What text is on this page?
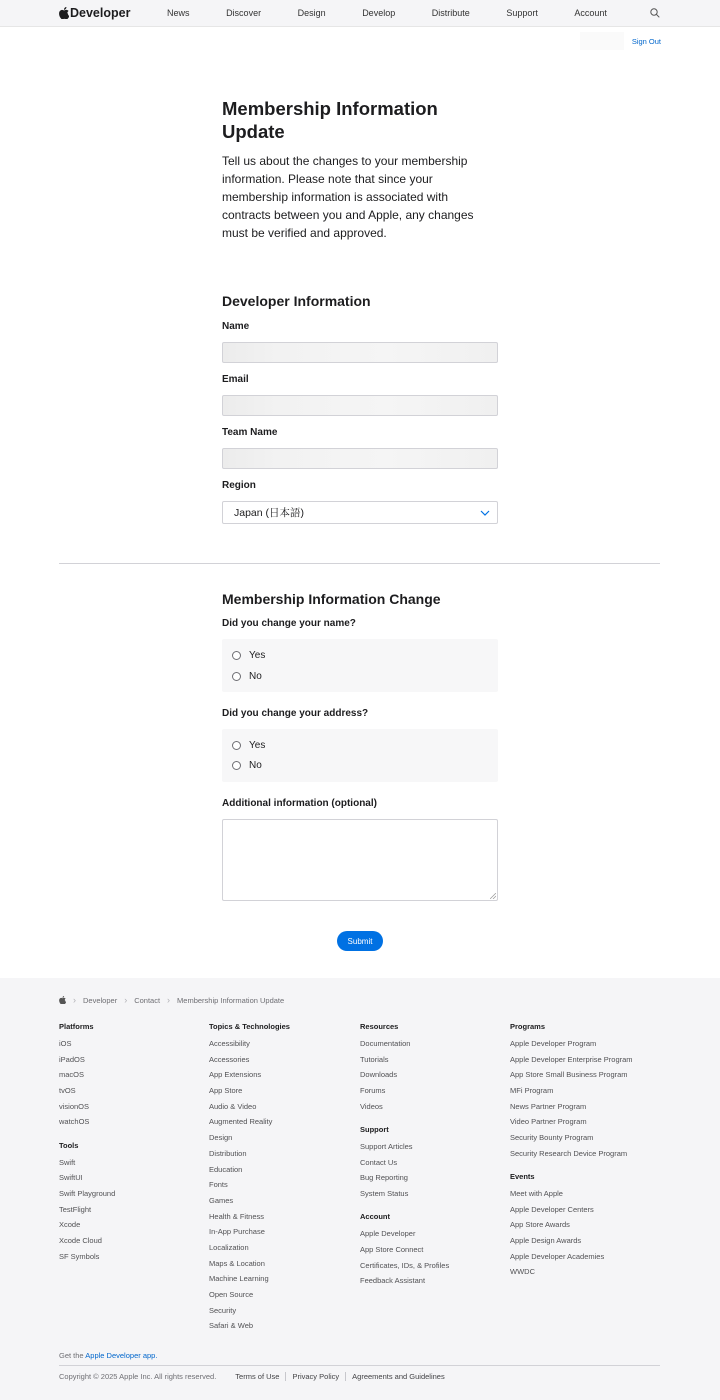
Developer	News	Discover	Design	Develop	Distribute	Support	Account
Sign Out
Membership Information Update

Tell us about the changes to your membership information. Please note that since your membership information is associated with contracts between you and Apple, any changes must be verified and approved.

Developer Information
Name
Email
Team Name
Region
Japan (日本語)
Membership Information Change
Did you change your name?
Yes
No
Did you change your address?
Yes
No
Additional information (optional)
Submit
› Developer › Contact › Membership Information Update
Platforms
iOS
iPadOS
macOS
tvOS
visionOS
watchOS
Tools
Swift
SwiftUI
Swift Playground
TestFlight
Xcode
Xcode Cloud
SF Symbols
Topics & Technologies
Accessibility
Accessories
App Extensions
App Store
Audio & Video
Augmented Reality
Design
Distribution
Education
Fonts
Games
Health & Fitness
In-App Purchase
Localization
Maps & Location
Machine Learning
Open Source
Security
Safari & Web
Resources
Documentation
Tutorials
Downloads
Forums
Videos
Support
Support Articles
Contact Us
Bug Reporting
System Status
Account
Apple Developer
App Store Connect
Certificates, IDs, & Profiles
Feedback Assistant
Programs
Apple Developer Program
Apple Developer Enterprise Program
App Store Small Business Program
MFi Program
News Partner Program
Video Partner Program
Security Bounty Program
Security Research Device Program
Events
Meet with Apple
Apple Developer Centers
App Store Awards
Apple Design Awards
Apple Developer Academies
WWDC
Get the Apple Developer app.
Copyright © 2025 Apple Inc. All rights reserved.	Terms of Use	Privacy Policy	Agreements and Guidelines
